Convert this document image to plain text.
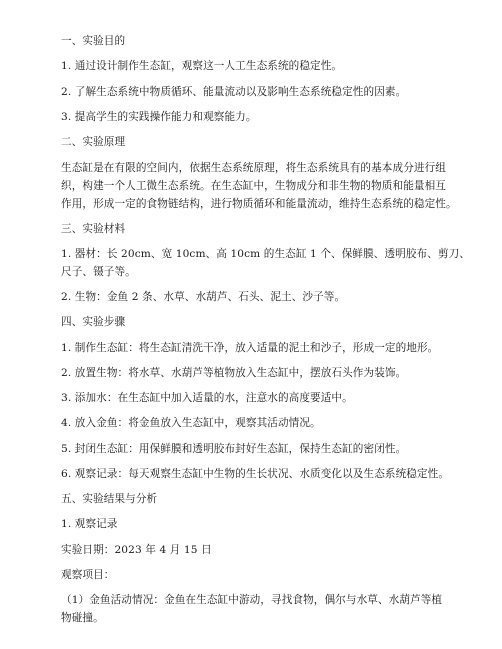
一、实验目的
1. 通过设计制作生态缸，观察这一人工生态系统的稳定性。
2. 了解生态系统中物质循环、能量流动以及影响生态系统稳定性的因素。
3. 提高学生的实践操作能力和观察能力。
二、实验原理
生态缸是在有限的空间内，依据生态系统原理，将生态系统具有的基本成分进行组
织，构建一个人工微生态系统。在生态缸中，生物成分和非生物的物质和能量相互
作用，形成一定的食物链结构，进行物质循环和能量流动，维持生态系统的稳定性。
三、实验材料
1. 器材：长 20cm、宽 10cm、高 10cm 的生态缸 1 个、保鲜膜、透明胶布、剪刀、
尺子、镊子等。
2. 生物：金鱼 2 条、水草、水葫芦、石头、泥土、沙子等。
四、实验步骤
1. 制作生态缸：将生态缸清洗干净，放入适量的泥土和沙子，形成一定的地形。
2. 放置生物：将水草、水葫芦等植物放入生态缸中，摆放石头作为装饰。
3. 添加水：在生态缸中加入适量的水，注意水的高度要适中。
4. 放入金鱼：将金鱼放入生态缸中，观察其活动情况。
5. 封闭生态缸：用保鲜膜和透明胶布封好生态缸，保持生态缸的密闭性。
6. 观察记录：每天观察生态缸中生物的生长状况、水质变化以及生态系统稳定性。
五、实验结果与分析
1. 观察记录
实验日期：2023 年 4 月 15 日
观察项目：
（1）金鱼活动情况：金鱼在生态缸中游动，寻找食物，偶尔与水草、水葫芦等植
物碰撞。
